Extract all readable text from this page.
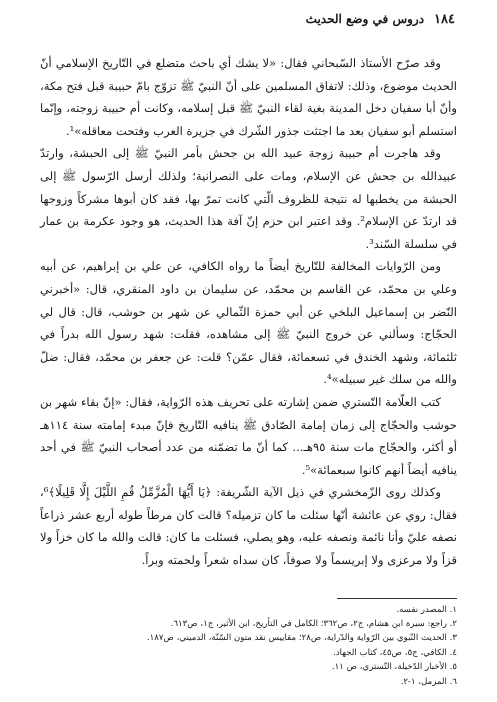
١٨٤
دروس في وضع الحديث

وقد صرّح الأستاذ السّبحاني فقال: «لا يشك أي باحث متضلع في التّاريخ الإسلامي أنّ الحديث موضوع، وذلك: لاتفاق المسلمين على أنّ النبيّ ﷺ تزوّج بامّ حبيبة قبل فتح مكة، وأنّ أبا سفيان دخل المدينة بغية لقاء النبيّ ﷺ قبل إسلامه، وكانت أم حبيبة زوجته، وإنّما استسلم أبو سفيان بعد ما اجتثت جذور الشّرك في جزيرة العرب وفتحت معاقله»¹.

وقد هاجرت أم حبيبة زوجة عبيد الله بن جحش بأمر النبيّ ﷺ إلى الحبشة، وارتدّ عبيدالله بن جحش عن الإسلام، ومات على النصرانية؛ ولذلك أرسل الرّسول ﷺ إلى الحبشة من يخطبها له نتيجة للظروف الّتي كانت تمرّ بها، فقد كان أبوها مشركاً وزوجها قد ارتدّ عن الإسلام². وقد اعتبر ابن حزم إنّ آفة هذا الحديث، هو وجود عكرمة بن عمار في سلسلة السّند³.

ومن الرّوايات المخالفة للتّاريخ أيضاً ما رواه الكافي، عن علي بن إبراهيم، عن أبيه وعلي بن محمّد، عن القاسم بن محمّد، عن سليمان بن داود المنقري، قال: «أخبرني النّضر بن إسماعيل البلخي عن أبي حمزة الثّمالي عن شهر بن حوشب، قال: قال لي الحجّاج: وسألني عن خروج النبيّ ﷺ إلى مشاهده، فقلت: شهد رسول الله بدراً في ثلثمائة، وشهد الخندق في تسعمائة، فقال عمّن؟ قلت: عن جعفر بن محمّد، فقال: ضلّ والله من سلك غير سبيله»⁴.

كتب العلّامة التّستري ضمن إشارته على تحريف هذه الرّواية، فقال: «إنّ بقاء شهر بن حوشب والحجّاج إلى زمان إمامة الصّادق ﷺ ينافيه التّاريخ فإنّ مبدء إمامته سنة ١١٤هـ أو أكثر، والحجّاج مات سنة ٩٥هـ... كما أنّ ما تضمّنه من عدد أصحاب النبيّ ﷺ في أحد ينافيه أيضاً أنهم كانوا سبعمائة»⁵.

وكذلك روى الزّمخشري في ذيل الآية الشّريفة: ﴿يَا أَيُّهَا الْمُزَّمِّلُ قُمِ اللَّيْلَ إِلَّا قَلِيلًا﴾⁶، فقال: روي عن عائشة أنّها سئلت ما كان تزميله؟ قالت كان مرطاً طوله أربع عشر ذراعاً نصفه عليّ وأنا نائمة ونصفه عليه، وهو يصلي، فسئلت ما كان: قالت والله ما كان خزاً ولا قزاً ولا مرعزى ولا إبريسماً ولا صوفاً، كان سداه شعراً ولحمته وبراً.

١. المصدر نفسه.

٢. راجع: سيرة ابن هشام، ج٢، ص٣٦٢؛ الكامل في التأريخ، ابن الأثير، ج١، ص٦١٣.

٣. الحديث النّبوي بين الرّواية والدّراية، ص٢٨؛ مقاييس نقد متون السّنّة، الدميني، ص١٨٧.

٤. الكافي، ج٥، ص٤٥، كتاب الجهاد.

٥. الأخبار الدّخيلة، التّستري، ص ١١.

٦. المزمل، ١-٢.
